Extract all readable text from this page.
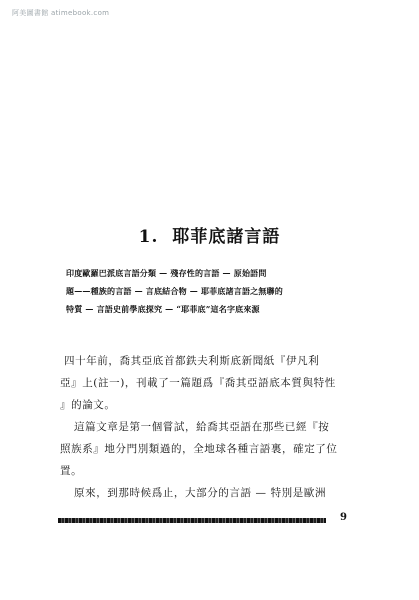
阿美圖書館 atimebook.com
1. 耶菲底諸言語
印度歐羅巴派底言語分類 — 殘存性的言語 — 原始語問
題——種族的言語 — 言底結合物 — 耶菲底諸言語之無聯的
特質 — 言語史前學底探究 — “耶菲底”這名字底來源
四十年前，喬其亞底首都鉄夫利斯底新聞紙『伊凡利
亞』上(註一)，刊載了一篇題爲『喬其亞語底本質與特性
』的論文。
這篇文章是第一個嘗試，給喬其亞語在那些已經『按
照族系』地分門別類過的，全地球各種言語裏，確定了位
置。
原來，到那時候爲止，大部分的言語 — 特別是歐洲
9
